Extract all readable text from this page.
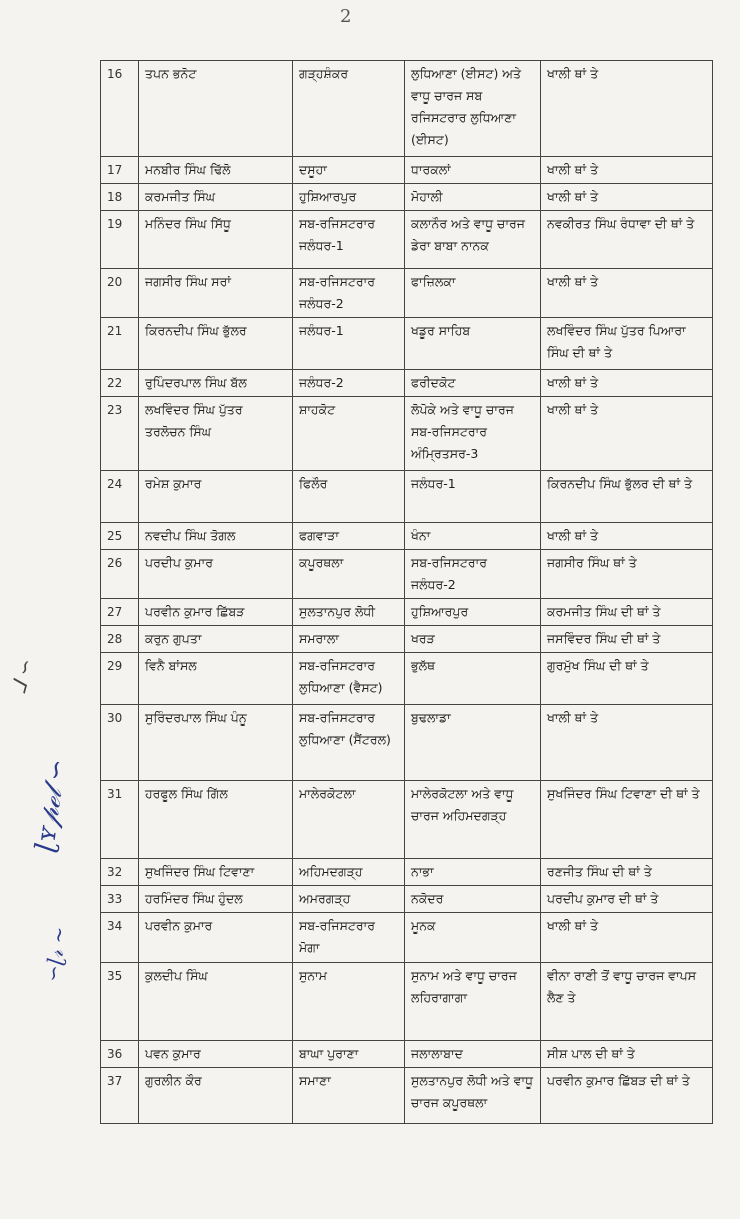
2
16	ਤਪਨ ਭਨੋਟ	ਗੜ੍ਹਸ਼ੰਕਰ	ਲੁਧਿਆਣਾ (ਈਸਟ) ਅਤੇ ਵਾਧੂ ਚਾਰਜ ਸਬ ਰਜਿਸਟਰਾਰ ਲੁਧਿਆਣਾ (ਈਸਟ)	ਖਾਲੀ ਥਾਂ ਤੇ
17	ਮਨਬੀਰ ਸਿੰਘ ਢਿੱਲੋ	ਦਸੂਹਾ	ਧਾਰਕਲਾਂ	ਖਾਲੀ ਥਾਂ ਤੇ
18	ਕਰਮਜੀਤ ਸਿੰਘ	ਹੁਸ਼ਿਆਰਪੁਰ	ਮੋਹਾਲੀ	ਖਾਲੀ ਥਾਂ ਤੇ
19	ਮਨਿੰਦਰ ਸਿੰਘ ਸਿੱਧੂ	ਸਬ-ਰਜਿਸਟਰਾਰ ਜਲੰਧਰ-1	ਕਲਾਨੌਰ ਅਤੇ ਵਾਧੂ ਚਾਰਜ ਡੇਰਾ ਬਾਬਾ ਨਾਨਕ	ਨਵਕੀਰਤ ਸਿੰਘ ਰੰਧਾਵਾ ਦੀ ਥਾਂ ਤੇ
20	ਜਗਸੀਰ ਸਿੰਘ ਸਰਾਂ	ਸਬ-ਰਜਿਸਟਰਾਰ ਜਲੰਧਰ-2	ਫਾਜ਼ਿਲਕਾ	ਖਾਲੀ ਥਾਂ ਤੇ
21	ਕਿਰਨਦੀਪ ਸਿੰਘ ਭੁੱਲਰ	ਜਲੰਧਰ-1	ਖਡੂਰ ਸਾਹਿਬ	ਲਖਵਿੰਦਰ ਸਿੰਘ ਪੁੱਤਰ ਪਿਆਰਾ ਸਿੰਘ ਦੀ ਥਾਂ ਤੇ
22	ਰੁਪਿੰਦਰਪਾਲ ਸਿੰਘ ਬੱਲ	ਜਲੰਧਰ-2	ਫਰੀਦਕੋਟ	ਖਾਲੀ ਥਾਂ ਤੇ
23	ਲਖਵਿੰਦਰ ਸਿੰਘ ਪੁੱਤਰ ਤਰਲੋਚਨ ਸਿੰਘ	ਸ਼ਾਹਕੋਟ	ਲੋਪੋਕੇ ਅਤੇ ਵਾਧੂ ਚਾਰਜ ਸਬ-ਰਜਿਸਟਰਾਰ ਅੰਮ੍ਰਿਤਸਰ-3	ਖਾਲੀ ਥਾਂ ਤੇ
24	ਰਮੇਸ਼ ਕੁਮਾਰ	ਫਿਲੌਰ	ਜਲੰਧਰ-1	ਕਿਰਨਦੀਪ ਸਿੰਘ ਭੁੱਲਰ ਦੀ ਥਾਂ ਤੇ
25	ਨਵਦੀਪ ਸਿੰਘ ਤੋਗਲ	ਫਗਵਾੜਾ	ਖੰਨਾ	ਖਾਲੀ ਥਾਂ ਤੇ
26	ਪਰਦੀਪ ਕੁਮਾਰ	ਕਪੂਰਥਲਾ	ਸਬ-ਰਜਿਸਟਰਾਰ ਜਲੰਧਰ-2	ਜਗਸੀਰ ਸਿੰਘ ਥਾਂ ਤੇ
27	ਪਰਵੀਨ ਕੁਮਾਰ ਛਿੱਬੜ	ਸੁਲਤਾਨਪੁਰ ਲੋਧੀ	ਹੁਸ਼ਿਆਰਪੁਰ	ਕਰਮਜੀਤ ਸਿੰਘ ਦੀ ਥਾਂ ਤੇ
28	ਕਰੁਨ ਗੁਪਤਾ	ਸਮਰਾਲਾ	ਖਰੜ	ਜਸਵਿੰਦਰ ਸਿੰਘ ਦੀ ਥਾਂ ਤੇ
29	ਵਿਨੈ ਬਾਂਸਲ	ਸਬ-ਰਜਿਸਟਰਾਰ ਲੁਧਿਆਣਾ (ਵੈਸਟ)	ਭੁਲੱਥ	ਗੁਰਮੁੱਖ ਸਿੰਘ ਦੀ ਥਾਂ ਤੇ
30	ਸੁਰਿੰਦਰਪਾਲ ਸਿੰਘ ਪੰਨੂ	ਸਬ-ਰਜਿਸਟਰਾਰ ਲੁਧਿਆਣਾ (ਸੈਂਟਰਲ)	ਬੁਢਲਾਡਾ	ਖਾਲੀ ਥਾਂ ਤੇ
31	ਹਰਫੂਲ ਸਿੰਘ ਗਿੱਲ	ਮਾਲੇਰਕੋਟਲਾ	ਮਾਲੇਰਕੋਟਲਾ ਅਤੇ ਵਾਧੂ ਚਾਰਜ ਅਹਿਮਦਗੜ੍ਹ	ਸੁਖਜਿੰਦਰ ਸਿੰਘ ਟਿਵਾਣਾ ਦੀ ਥਾਂ ਤੇ
32	ਸੁਖਜਿੰਦਰ ਸਿੰਘ ਟਿਵਾਣਾ	ਅਹਿਮਦਗੜ੍ਹ	ਨਾਭਾ	ਰਣਜੀਤ ਸਿੰਘ ਦੀ ਥਾਂ ਤੇ
33	ਹਰਮਿੰਦਰ ਸਿੰਘ ਹੁੰਦਲ	ਅਮਰਗੜ੍ਹ	ਨਕੋਦਰ	ਪਰਦੀਪ ਕੁਮਾਰ ਦੀ ਥਾਂ ਤੇ
34	ਪਰਵੀਨ ਕੁਮਾਰ	ਸਬ-ਰਜਿਸਟਰਾਰ ਮੋਗਾ	ਮੂਨਕ	ਖਾਲੀ ਥਾਂ ਤੇ
35	ਕੁਲਦੀਪ ਸਿੰਘ	ਸੁਨਾਮ	ਸੁਨਾਮ ਅਤੇ ਵਾਧੂ ਚਾਰਜ ਲਹਿਰਾਗਾਗਾ	ਵੀਨਾ ਰਾਣੀ ਤੋਂ ਵਾਧੂ ਚਾਰਜ ਵਾਪਸ ਲੈਣ ਤੇ
36	ਪਵਨ ਕੁਮਾਰ	ਬਾਘਾ ਪੁਰਾਣਾ	ਜਲਾਲਾਬਾਦ	ਸੀਸ਼ ਪਾਲ ਦੀ ਥਾਂ ਤੇ
37	ਗੁਰਲੀਨ ਕੌਰ	ਸਮਾਣਾ	ਸੁਲਤਾਨਪੁਰ ਲੋਧੀ ਅਤੇ ਵਾਧੂ ਚਾਰਜ ਕਪੂਰਥਲਾ	ਪਰਵੀਨ ਕੁਮਾਰ ਛਿੱਬੜ ਦੀ ਥਾਂ ਤੇ
ᒧ ∽
ɭʏ𝓅ℯ𝓁 ∽
∽ɭ𝓇 ∼
